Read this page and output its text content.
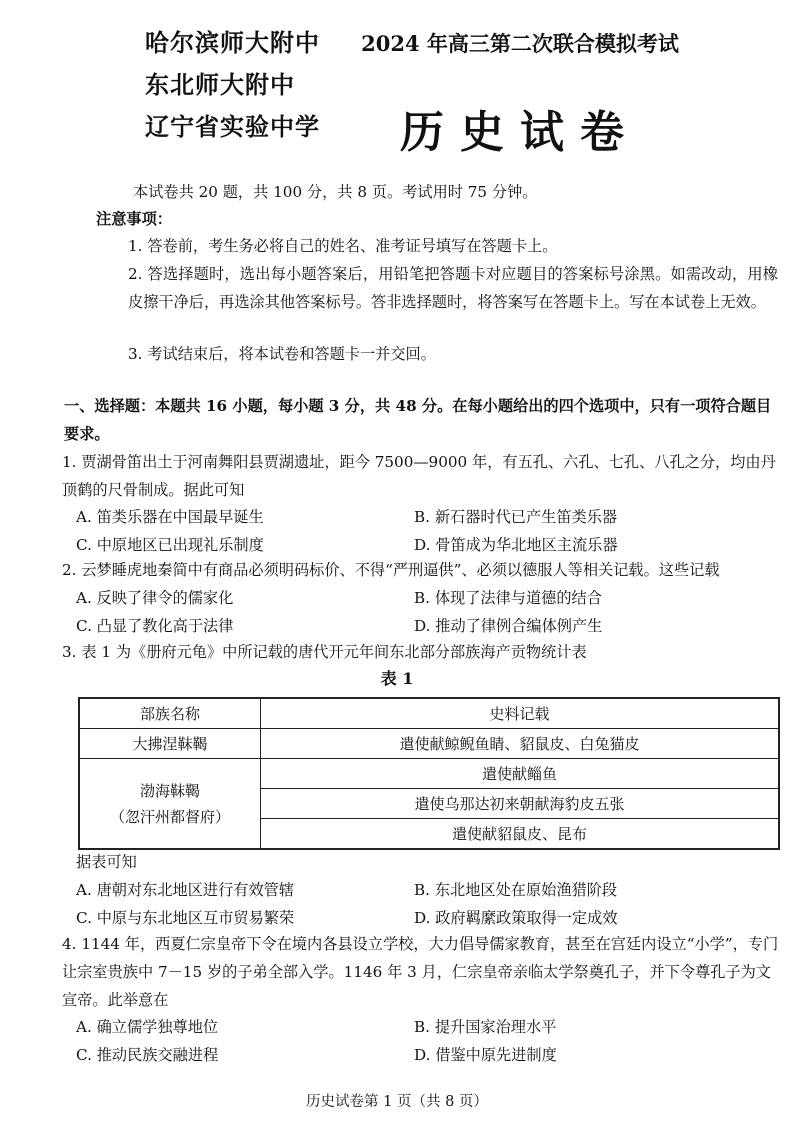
哈尔滨师大附中
东北师大附中
辽宁省实验中学
2024 年高三第二次联合模拟考试
历史试卷
本试卷共 20 题，共 100 分，共 8 页。考试用时 75 分钟。
注意事项：
1. 答卷前，考生务必将自己的姓名、准考证号填写在答题卡上。
2. 答选择题时，选出每小题答案后，用铅笔把答题卡对应题目的答案标号涂黑。如需改动，用橡皮擦干净后，再选涂其他答案标号。答非选择题时，将答案写在答题卡上。写在本试卷上无效。
3. 考试结束后，将本试卷和答题卡一并交回。
一、选择题：本题共 16 小题，每小题 3 分，共 48 分。在每小题给出的四个选项中，只有一项符合题目要求。
1. 贾湖骨笛出土于河南舞阳县贾湖遗址，距今 7500—9000 年，有五孔、六孔、七孔、八孔之分，均由丹顶鹤的尺骨制成。据此可知
A. 笛类乐器在中国最早诞生	B. 新石器时代已产生笛类乐器
C. 中原地区已出现礼乐制度	D. 骨笛成为华北地区主流乐器
2. 云梦睡虎地秦简中有商品必须明码标价、不得“严刑逼供”、必须以德服人等相关记载。这些记载
A. 反映了律令的儒家化	B. 体现了法律与道德的结合
C. 凸显了教化高于法律	D. 推动了律例合编体例产生
3. 表 1 为《册府元龟》中所记载的唐代开元年间东北部分部族海产贡物统计表
表 1
部族名称	史料记载
大拂涅靺鞨	遣使献鲸鲵鱼睛、貂鼠皮、白兔猫皮

渤海靺鞨
（忽汗州都督府）	遣使献鲻鱼
	遣使乌那达初来朝献海豹皮五张
	遣使献貂鼠皮、昆布
据表可知
A. 唐朝对东北地区进行有效管辖	B. 东北地区处在原始渔猎阶段
C. 中原与东北地区互市贸易繁荣	D. 政府羁縻政策取得一定成效
4. 1144 年，西夏仁宗皇帝下令在境内各县设立学校，大力倡导儒家教育，甚至在宫廷内设立“小学”，专门让宗室贵族中 7－15 岁的子弟全部入学。1146 年 3 月，仁宗皇帝亲临太学祭奠孔子，并下令尊孔子为文宣帝。此举意在
A. 确立儒学独尊地位	B. 提升国家治理水平
C. 推动民族交融进程	D. 借鉴中原先进制度
历史试卷第 1 页（共 8 页）
